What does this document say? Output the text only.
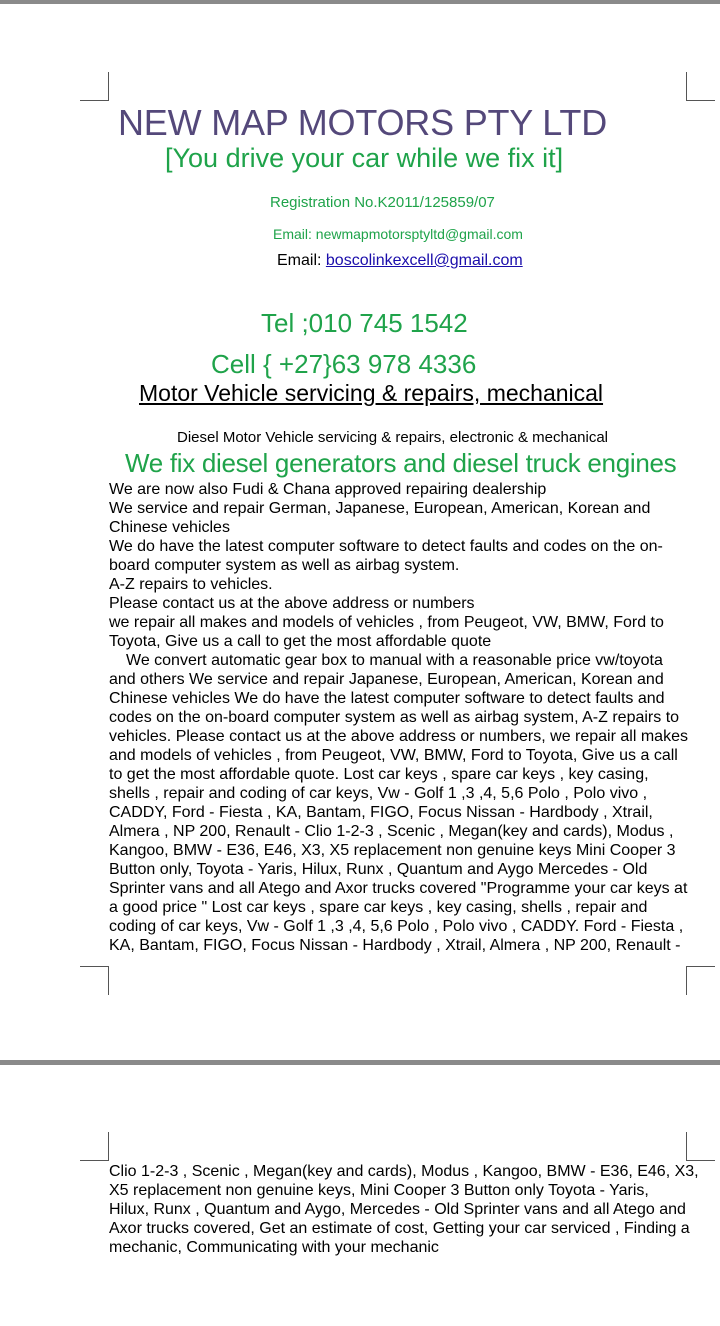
NEW MAP MOTORS PTY LTD
[You drive your car while we fix it]
Registration No.K2011/125859/07
Email: newmapmotorsptyltd@gmail.com
Email: boscolinkexcell@gmail.com
Tel ;010 745 1542
Cell { +27}63 978 4336
Motor Vehicle servicing & repairs, mechanical
Diesel Motor Vehicle servicing & repairs, electronic & mechanical
We fix diesel generators and diesel truck engines
We are now also Fudi & Chana approved repairing dealership
We service and repair German, Japanese, European, American, Korean and
Chinese vehicles
We do have the latest computer software to detect faults and codes on the on-
board computer system as well as airbag system.
A-Z repairs to vehicles.
Please contact us at the above address or numbers
we repair all makes and models of vehicles , from Peugeot, VW, BMW, Ford to
Toyota, Give us a call to get the most affordable quote
We convert automatic gear box to manual with a reasonable price vw/toyota
and others We service and repair Japanese, European, American, Korean and
Chinese vehicles We do have the latest computer software to detect faults and
codes on the on-board computer system as well as airbag system, A-Z repairs to
vehicles. Please contact us at the above address or numbers, we repair all makes
and models of vehicles , from Peugeot, VW, BMW, Ford to Toyota, Give us a call
to get the most affordable quote. Lost car keys , spare car keys , key casing,
shells , repair and coding of car keys, Vw - Golf 1 ,3 ,4, 5,6 Polo , Polo vivo ,
CADDY, Ford - Fiesta , KA, Bantam, FIGO, Focus Nissan - Hardbody , Xtrail,
Almera , NP 200, Renault - Clio 1-2-3 , Scenic , Megan(key and cards), Modus ,
Kangoo, BMW - E36, E46, X3, X5 replacement non genuine keys Mini Cooper 3
Button only, Toyota - Yaris, Hilux, Runx , Quantum and Aygo Mercedes - Old
Sprinter vans and all Atego and Axor trucks covered "Programme your car keys at
a good price " Lost car keys , spare car keys , key casing, shells , repair and
coding of car keys, Vw - Golf 1 ,3 ,4, 5,6 Polo , Polo vivo , CADDY. Ford - Fiesta ,
KA, Bantam, FIGO, Focus Nissan - Hardbody , Xtrail, Almera , NP 200, Renault -
Clio 1-2-3 , Scenic , Megan(key and cards), Modus , Kangoo, BMW - E36, E46, X3,
X5 replacement non genuine keys, Mini Cooper 3 Button only Toyota - Yaris,
Hilux, Runx , Quantum and Aygo, Mercedes - Old Sprinter vans and all Atego and
Axor trucks covered, Get an estimate of cost, Getting your car serviced , Finding a
mechanic, Communicating with your mechanic
